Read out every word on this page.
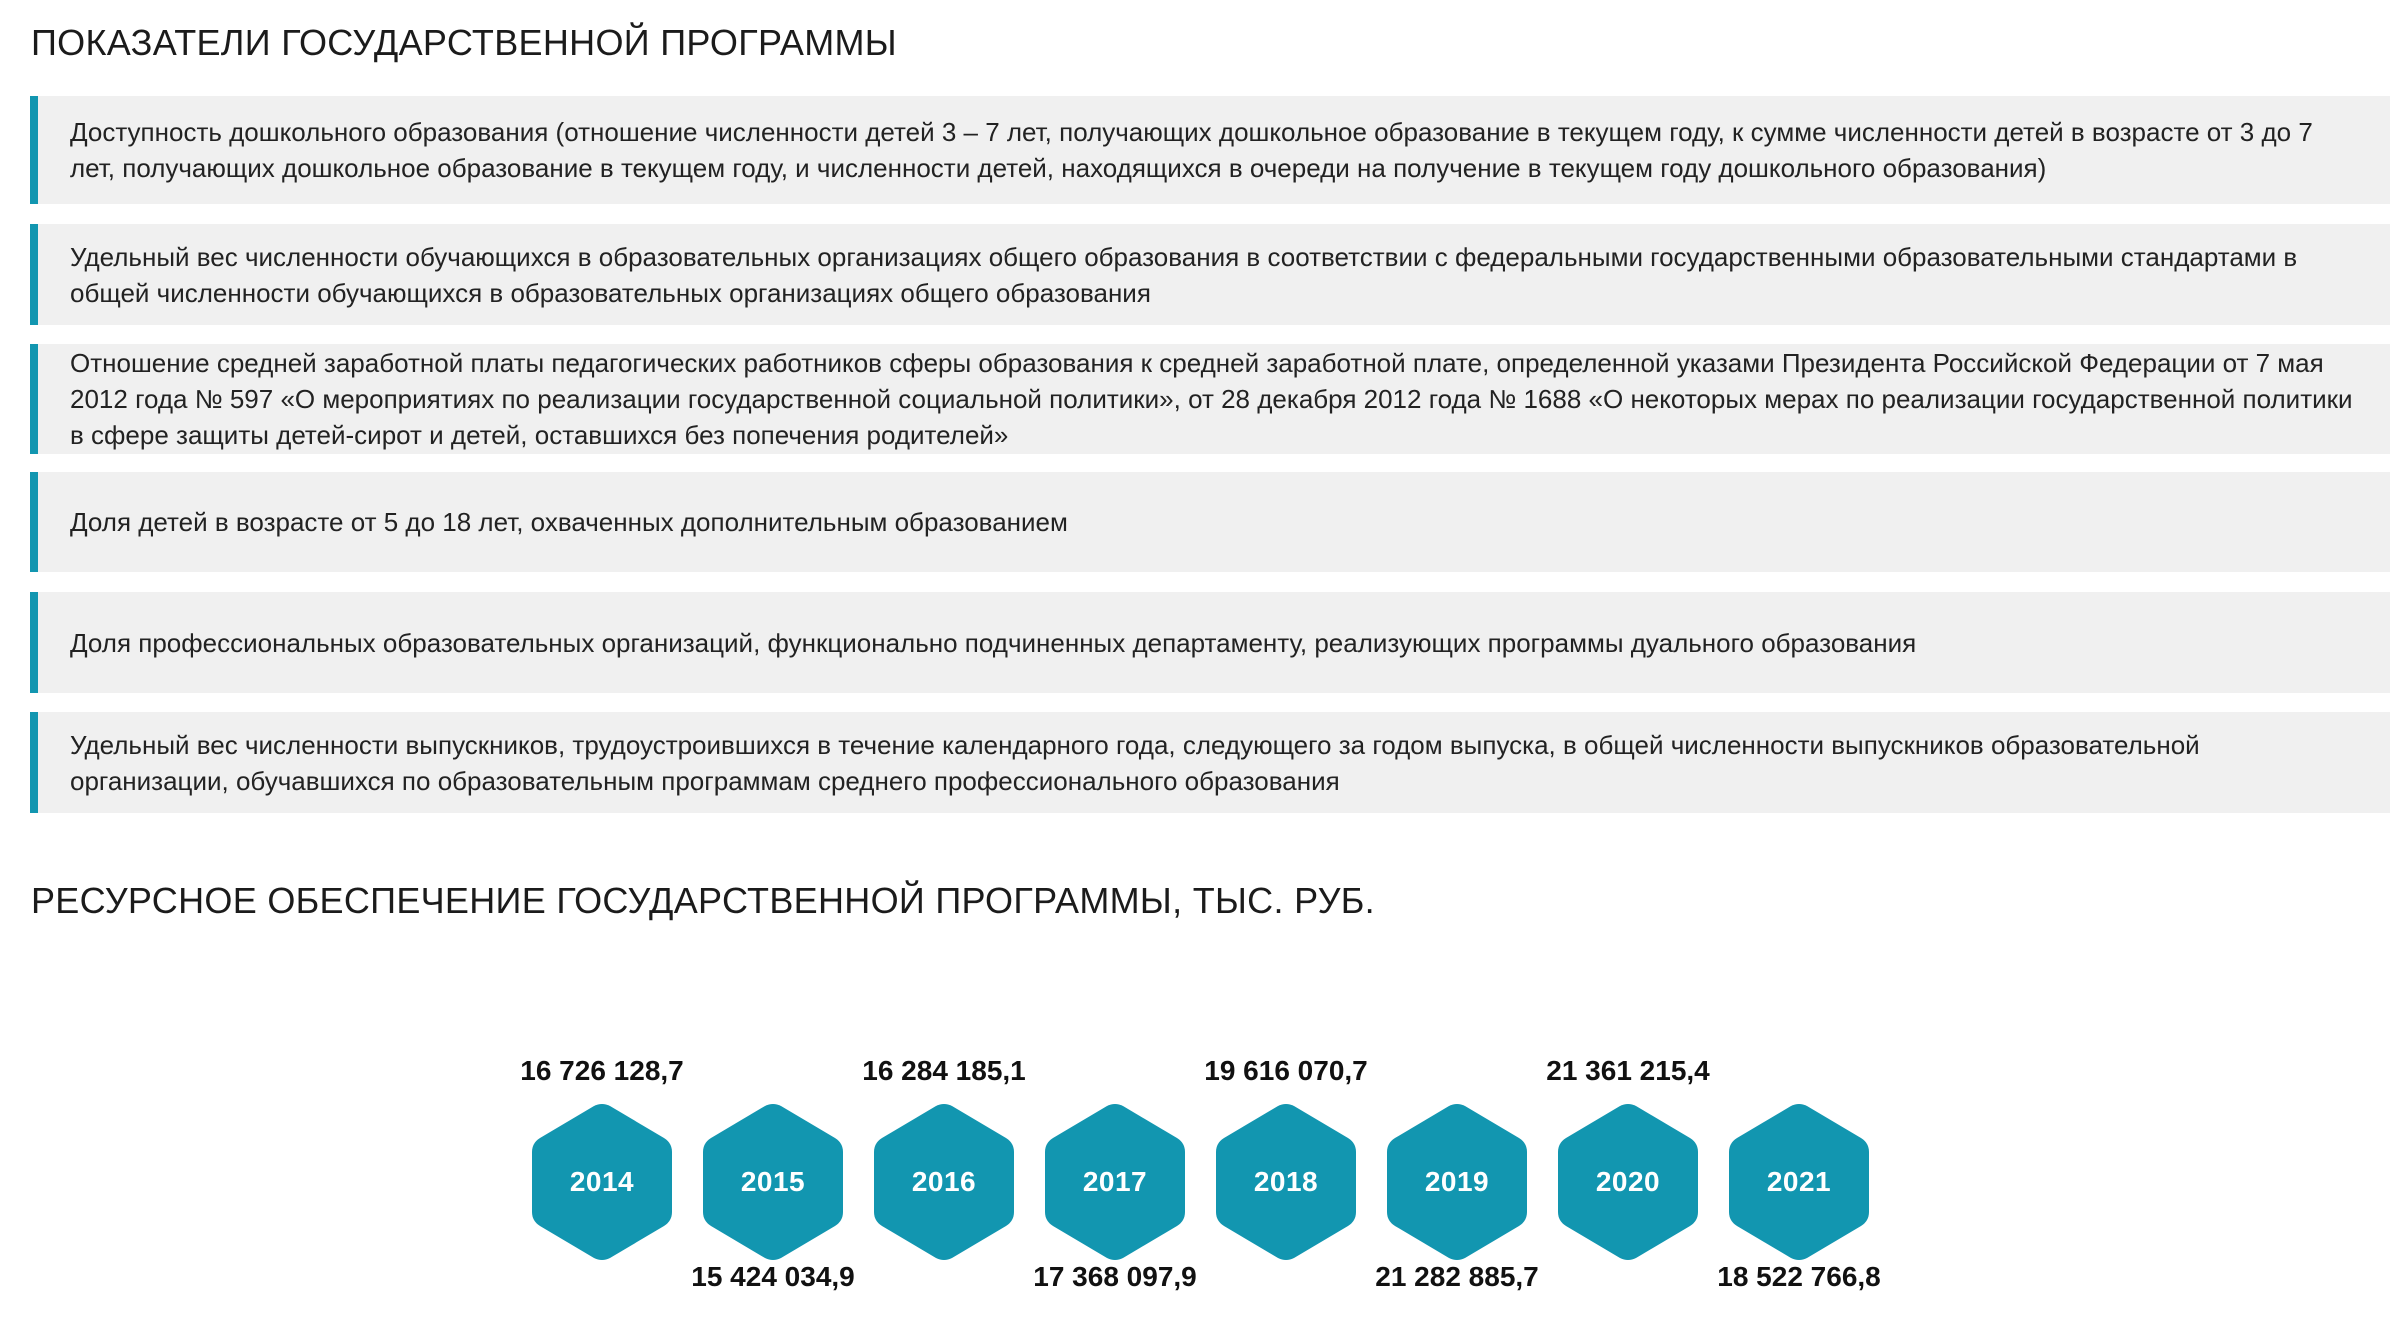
ПОКАЗАТЕЛИ ГОСУДАРСТВЕННОЙ ПРОГРАММЫ
Доступность дошкольного образования (отношение численности детей 3 – 7 лет, получающих дошкольное образование в текущем году, к сумме численности детей в возрасте от 3 до 7 лет, получающих дошкольное образование в текущем году, и численности детей, находящихся в очереди на получение в текущем году дошкольного образования)
Удельный вес численности обучающихся в образовательных организациях общего образования в соответствии с федеральными государственными образовательными стандартами в общей численности обучающихся в образовательных организациях общего образования
Отношение средней заработной платы педагогических работников сферы образования к средней заработной плате, определенной указами Президента Российской Федерации от 7 мая 2012 года № 597 «О мероприятиях по реализации государственной социальной политики», от 28 декабря 2012 года № 1688 «О некоторых мерах по реализации государственной политики в сфере защиты детей-сирот и детей, оставшихся без попечения родителей»
Доля детей в возрасте от 5 до 18 лет, охваченных дополнительным образованием
Доля профессиональных образовательных организаций, функционально подчиненных департаменту, реализующих программы дуального образования
Удельный вес численности выпускников, трудоустроившихся в течение календарного года, следующего за годом выпуска, в общей численности выпускников образовательной организации, обучавшихся по образовательным программам среднего профессионального образования
РЕСУРСНОЕ ОБЕСПЕЧЕНИЕ ГОСУДАРСТВЕННОЙ ПРОГРАММЫ, ТЫС. РУБ.
2014
16 726 128,7
2015
15 424 034,9
2016
16 284 185,1
2017
17 368 097,9
2018
19 616 070,7
2019
21 282 885,7
2020
21 361 215,4
2021
18 522 766,8
